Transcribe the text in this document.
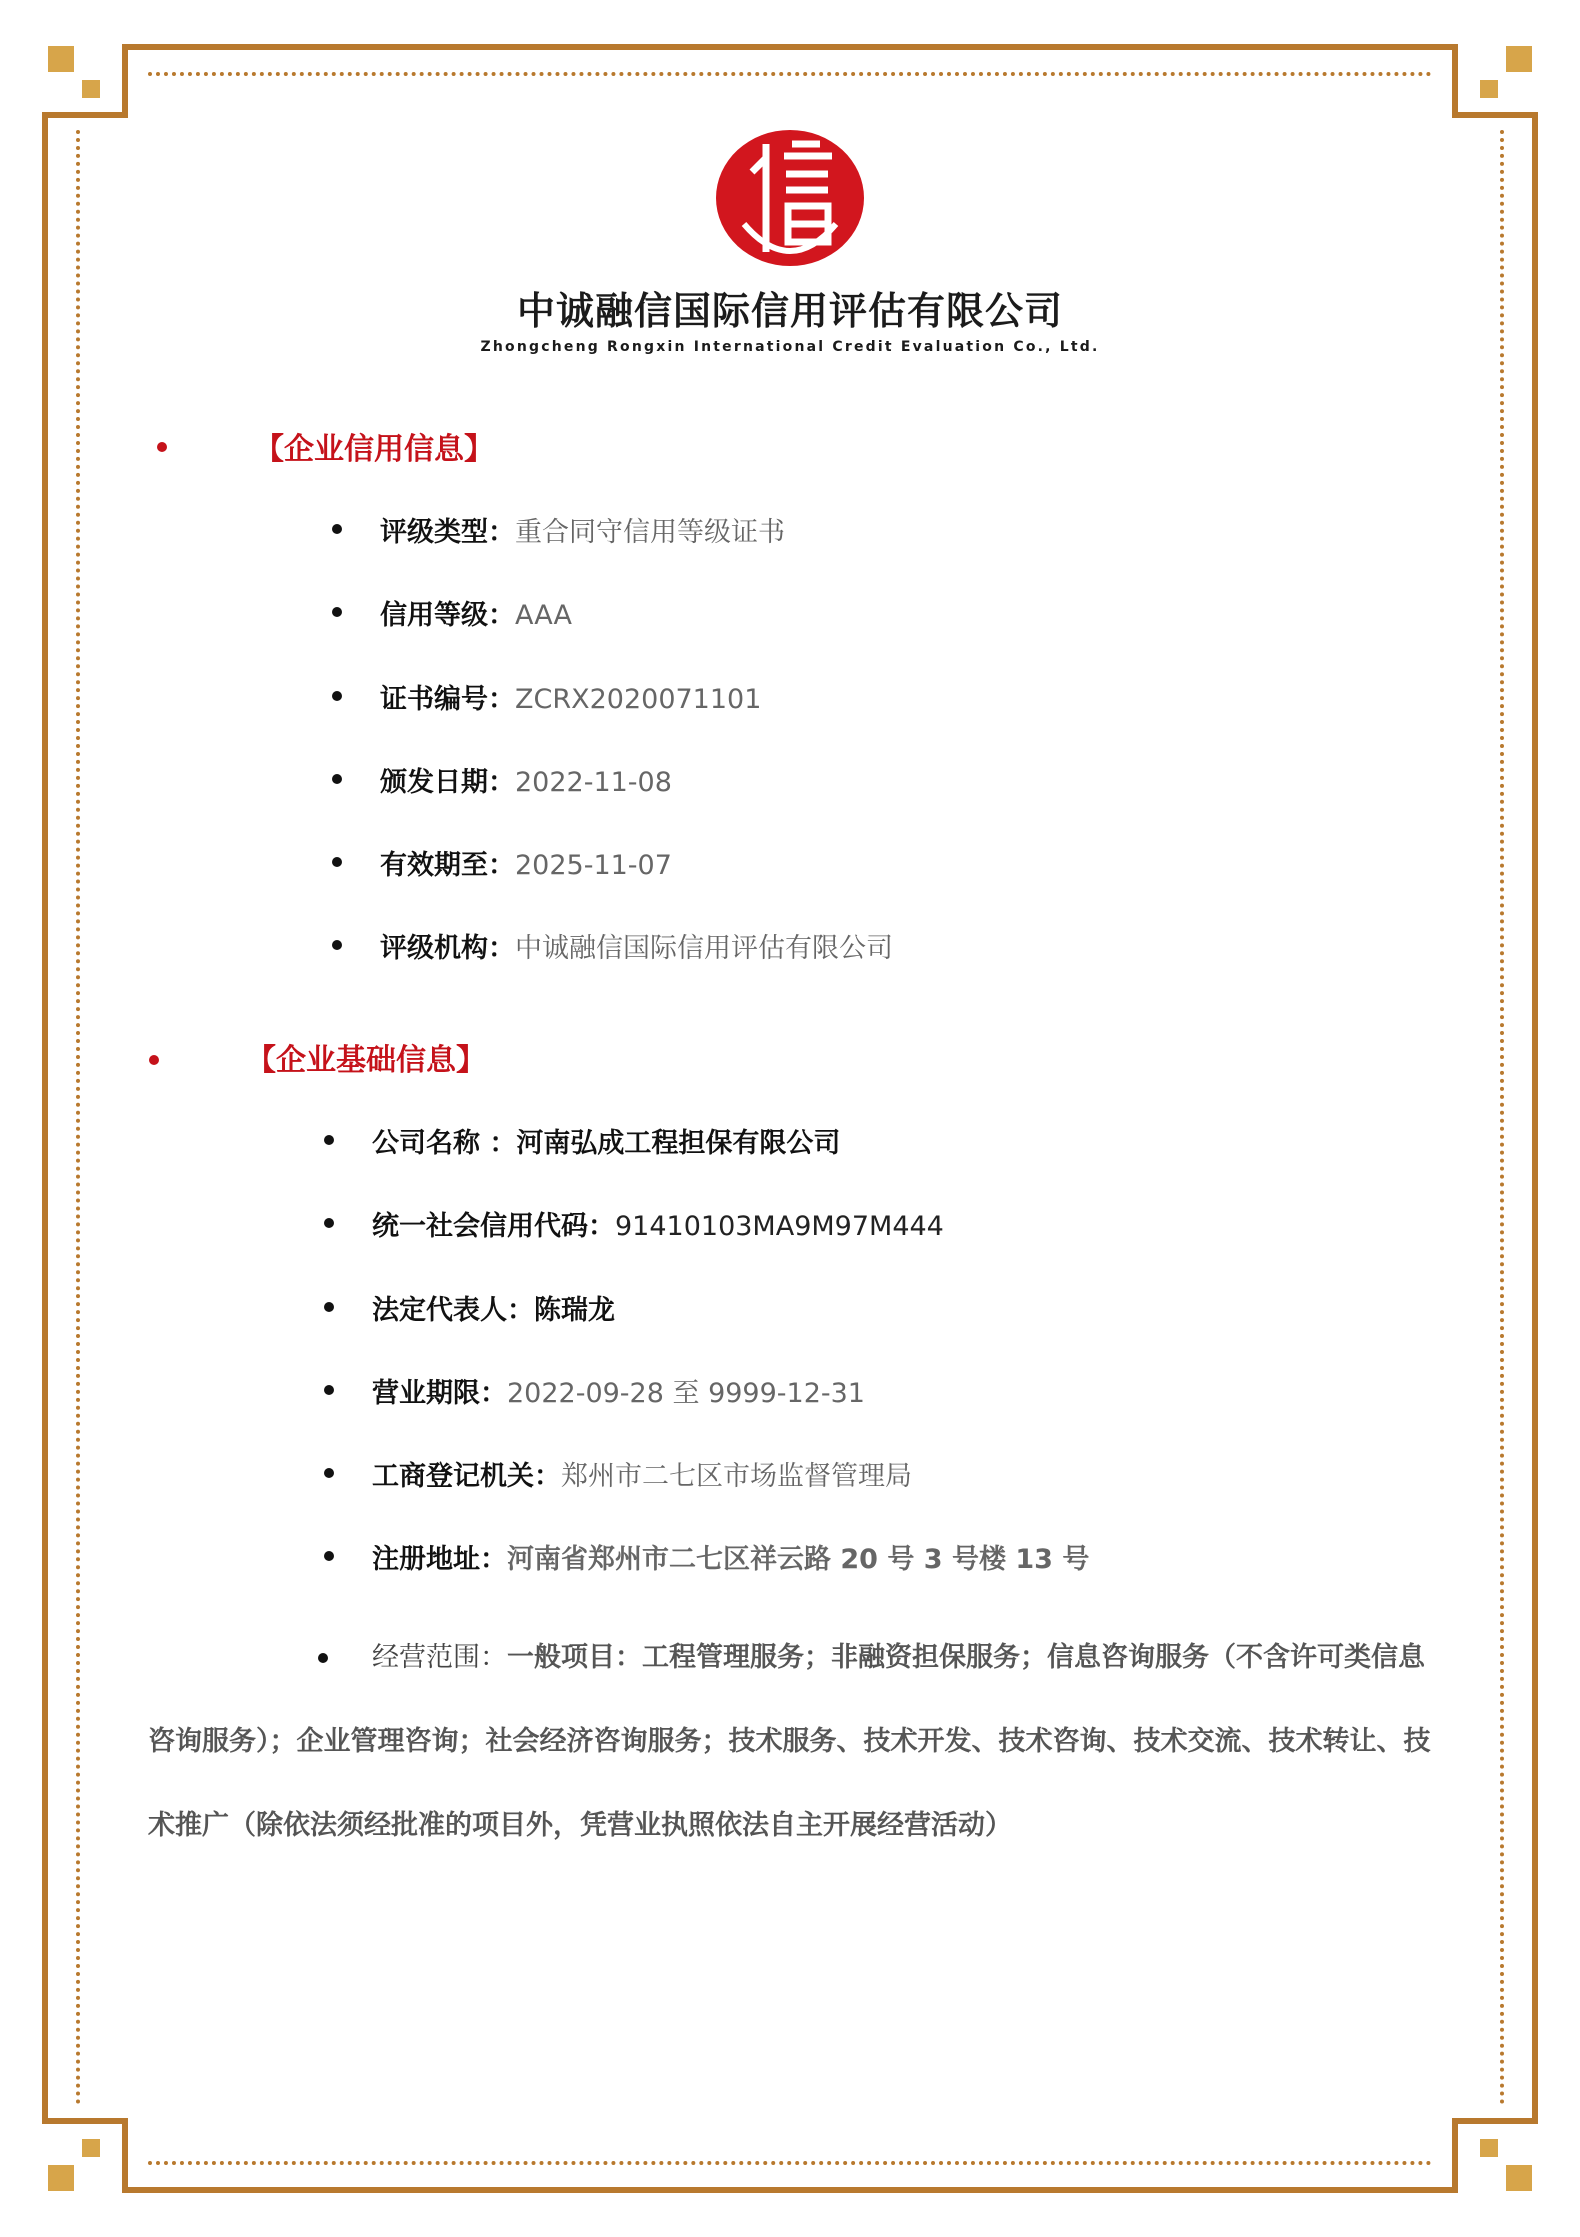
中诚融信国际信用评估有限公司
Zhongcheng Rongxin International Credit Evaluation Co., Ltd.
【企业信用信息】
评级类型：重合同守信用等级证书
信用等级：AAA
证书编号：ZCRX2020071101
颁发日期：2022-11-08
有效期至：2025-11-07
评级机构：中诚融信国际信用评估有限公司
【企业基础信息】
公司名称 ：河南弘成工程担保有限公司
统一社会信用代码：91410103MA9M97M444
法定代表人：陈瑞龙
营业期限：2022-09-28 至 9999-12-31
工商登记机关：郑州市二七区市场监督管理局
注册地址：河南省郑州市二七区祥云路 20 号 3 号楼 13 号
经营范围：一般项目：工程管理服务；非融资担保服务；信息咨询服务（不含许可类信息咨询服务）；企业管理咨询；社会经济咨询服务；技术服务、技术开发、技术咨询、技术交流、技术转让、技术推广（除依法须经批准的项目外，凭营业执照依法自主开展经营活动）
